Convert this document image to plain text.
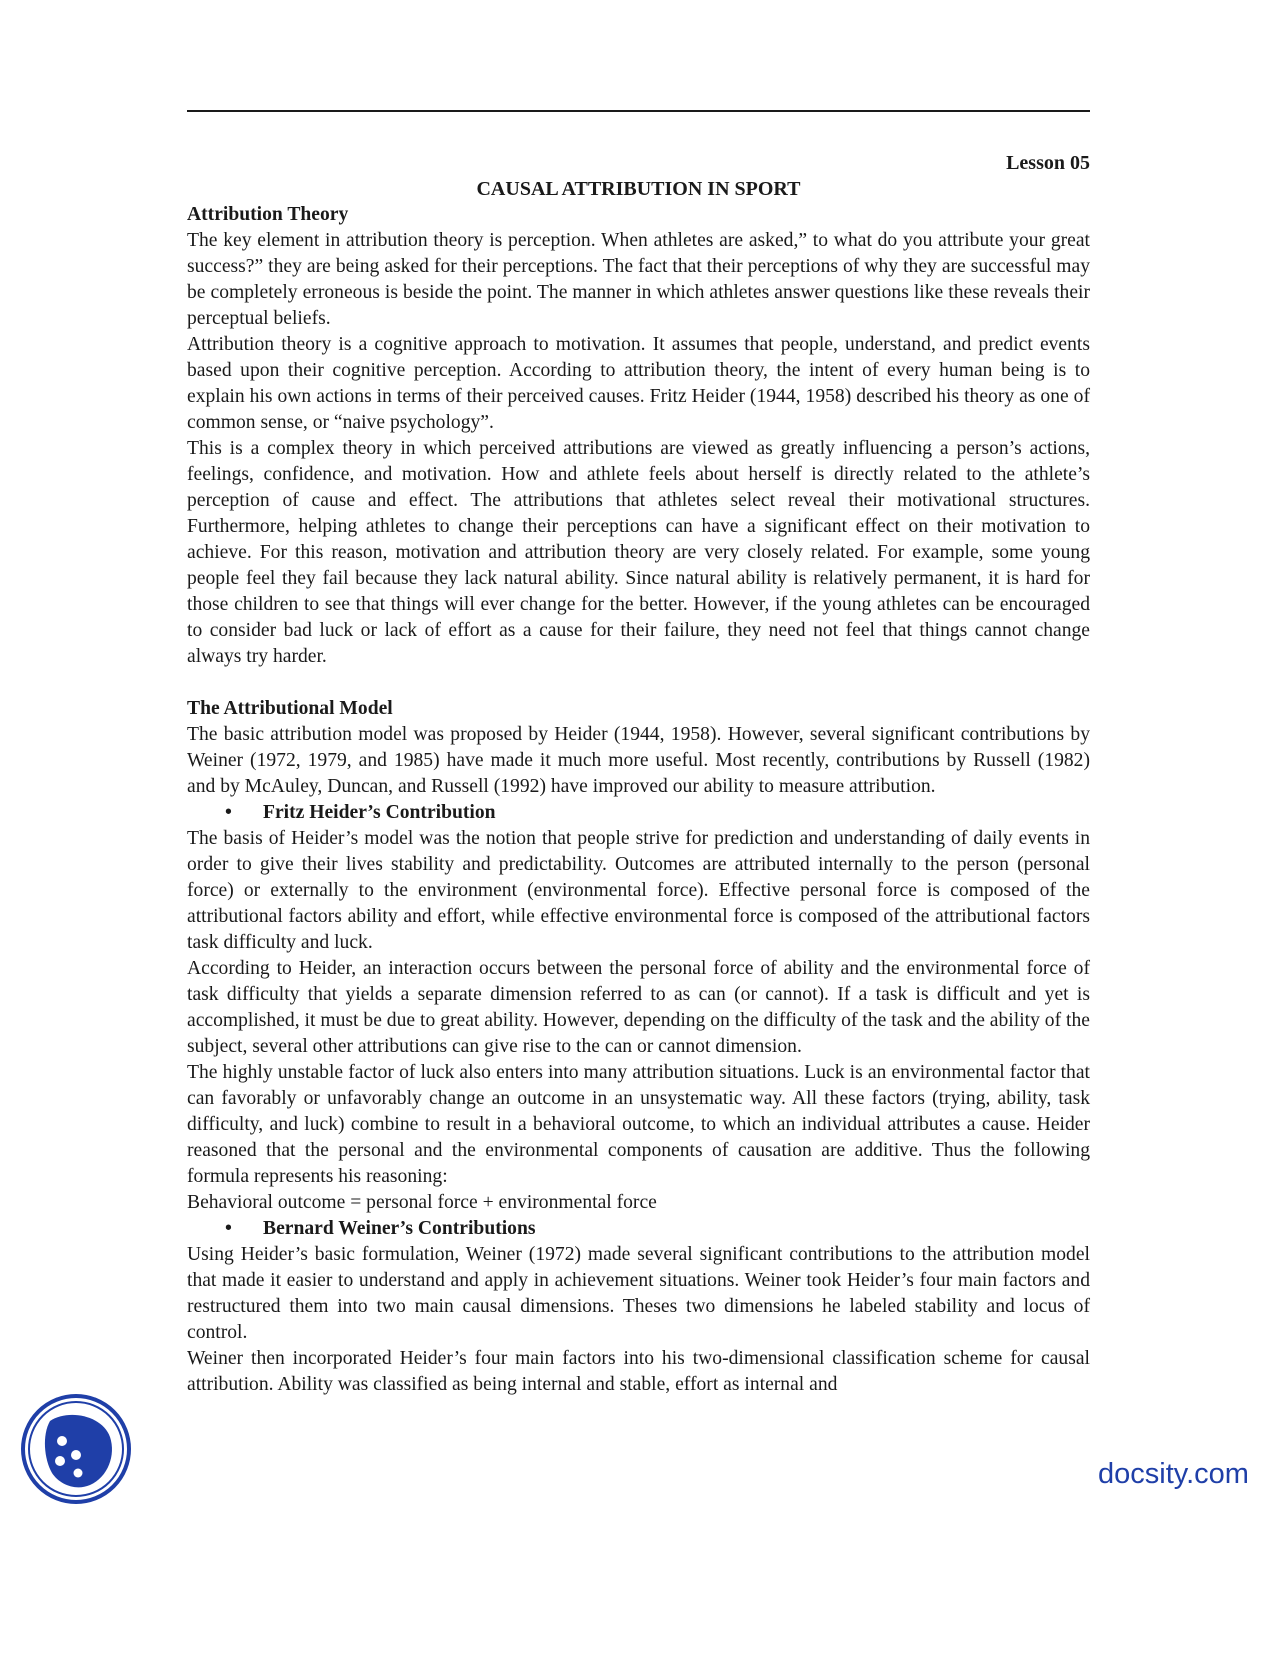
Lesson 05

CAUSAL ATTRIBUTION IN SPORT

Attribution Theory

The key element in attribution theory is perception. When athletes are asked,” to what do you attribute your great success?” they are being asked for their perceptions. The fact that their perceptions of why they are successful may be completely erroneous is beside the point. The manner in which athletes answer questions like these reveals their perceptual beliefs.

Attribution theory is a cognitive approach to motivation. It assumes that people, understand, and predict events based upon their cognitive perception. According to attribution theory, the intent of every human being is to explain his own actions in terms of their perceived causes. Fritz Heider (1944, 1958) described his theory as one of common sense, or “naive psychology”.

This is a complex theory in which perceived attributions are viewed as greatly influencing a person’s actions, feelings, confidence, and motivation. How and athlete feels about herself is directly related to the athlete’s perception of cause and effect. The attributions that athletes select reveal their motivational structures. Furthermore, helping athletes to change their perceptions can have a significant effect on their motivation to achieve. For this reason, motivation and attribution theory are very closely related. For example, some young people feel they fail because they lack natural ability. Since natural ability is relatively permanent, it is hard for those children to see that things will ever change for the better. However, if the young athletes can be encouraged to consider bad luck or lack of effort as a cause for their failure, they need not feel that things cannot change always try harder.

The Attributional Model

The basic attribution model was proposed by Heider (1944, 1958). However, several significant contributions by Weiner (1972, 1979, and 1985) have made it much more useful. Most recently, contributions by Russell (1982) and by McAuley, Duncan, and Russell (1992) have improved our ability to measure attribution.

•	Fritz Heider’s Contribution

The basis of Heider’s model was the notion that people strive for prediction and understanding of daily events in order to give their lives stability and predictability. Outcomes are attributed internally to the person (personal force) or externally to the environment (environmental force). Effective personal force is composed of the attributional factors ability and effort, while effective environmental force is composed of the attributional factors task difficulty and luck.

According to Heider, an interaction occurs between the personal force of ability and the environmental force of task difficulty that yields a separate dimension referred to as can (or cannot). If a task is difficult and yet is accomplished, it must be due to great ability. However, depending on the difficulty of the task and the ability of the subject, several other attributions can give rise to the can or cannot dimension.

The highly unstable factor of luck also enters into many attribution situations. Luck is an environmental factor that can favorably or unfavorably change an outcome in an unsystematic way. All these factors (trying, ability, task difficulty, and luck) combine to result in a behavioral outcome, to which an individual attributes a cause. Heider reasoned that the personal and the environmental components of causation are additive. Thus the following formula represents his reasoning:

Behavioral outcome = personal force + environmental force

•	Bernard Weiner’s Contributions

Using Heider’s basic formulation, Weiner (1972) made several significant contributions to the attribution model that made it easier to understand and apply in achievement situations. Weiner took Heider’s four main factors and restructured them into two main causal dimensions. Theses two dimensions he labeled stability and locus of control.

Weiner then incorporated Heider’s four main factors into his two-dimensional classification scheme for causal attribution. Ability was classified as being internal and stable, effort as internal and

docsity.com
